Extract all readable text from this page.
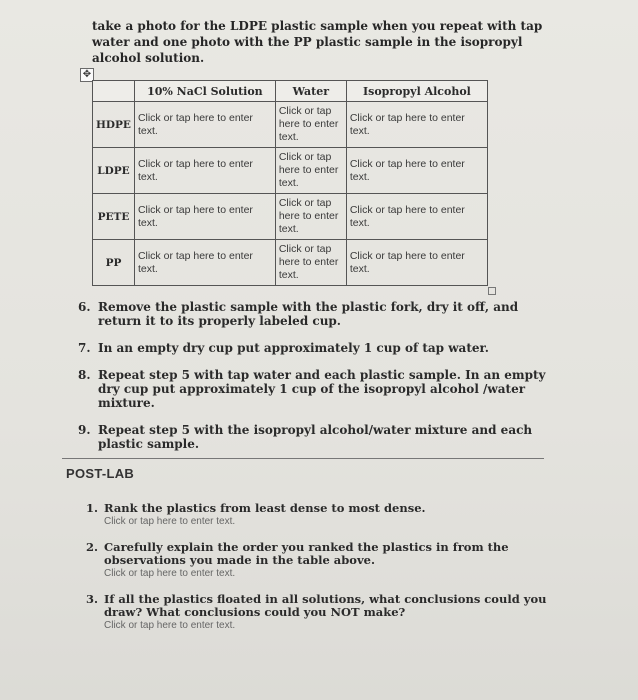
take a photo for the LDPE plastic sample when you repeat with tap water and one photo with the PP plastic sample in the isopropyl alcohol solution.
✥
	10% NaCl Solution	Water	Isopropyl Alcohol
HDPE	Click or tap here to enter text.	Click or tap here to enter text.	Click or tap here to enter text.
LDPE	Click or tap here to enter text.	Click or tap here to enter text.	Click or tap here to enter text.
PETE	Click or tap here to enter text.	Click or tap here to enter text.	Click or tap here to enter text.
PP	Click or tap here to enter text.	Click or tap here to enter text.	Click or tap here to enter text.
6. Remove the plastic sample with the plastic fork, dry it off, and return it to its properly labeled cup.
7. In an empty dry cup put approximately 1 cup of tap water.
8. Repeat step 5 with tap water and each plastic sample. In an empty dry cup put approximately 1 cup of the isopropyl alcohol /water mixture.
9. Repeat step 5 with the isopropyl alcohol/water mixture and each plastic sample.
POST-LAB
1. Rank the plastics from least dense to most dense.
Click or tap here to enter text.
2. Carefully explain the order you ranked the plastics in from the observations you made in the table above.
Click or tap here to enter text.
3. If all the plastics floated in all solutions, what conclusions could you draw? What conclusions could you NOT make?
Click or tap here to enter text.
